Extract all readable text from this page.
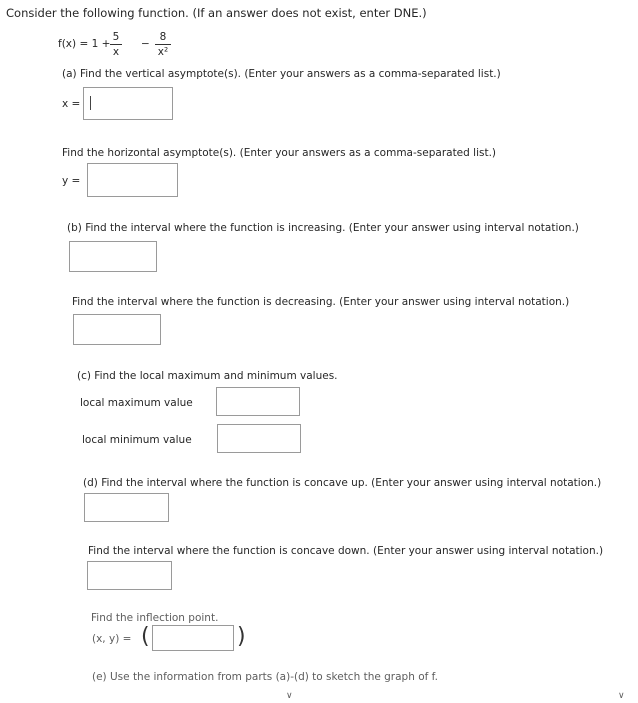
Consider the following function. (If an answer does not exist, enter DNE.)
f(x) = 1 +
5
x
−
8
x²
(a) Find the vertical asymptote(s). (Enter your answers as a comma-separated list.)
x =
Find the horizontal asymptote(s). (Enter your answers as a comma-separated list.)
y =
(b) Find the interval where the function is increasing. (Enter your answer using interval notation.)
Find the interval where the function is decreasing. (Enter your answer using interval notation.)
(c) Find the local maximum and minimum values.
local maximum value
local minimum value
(d) Find the interval where the function is concave up. (Enter your answer using interval notation.)
Find the interval where the function is concave down. (Enter your answer using interval notation.)
Find the inflection point.
(x, y) = (	)
(e) Use the information from parts (a)-(d) to sketch the graph of f.
∨	∨
